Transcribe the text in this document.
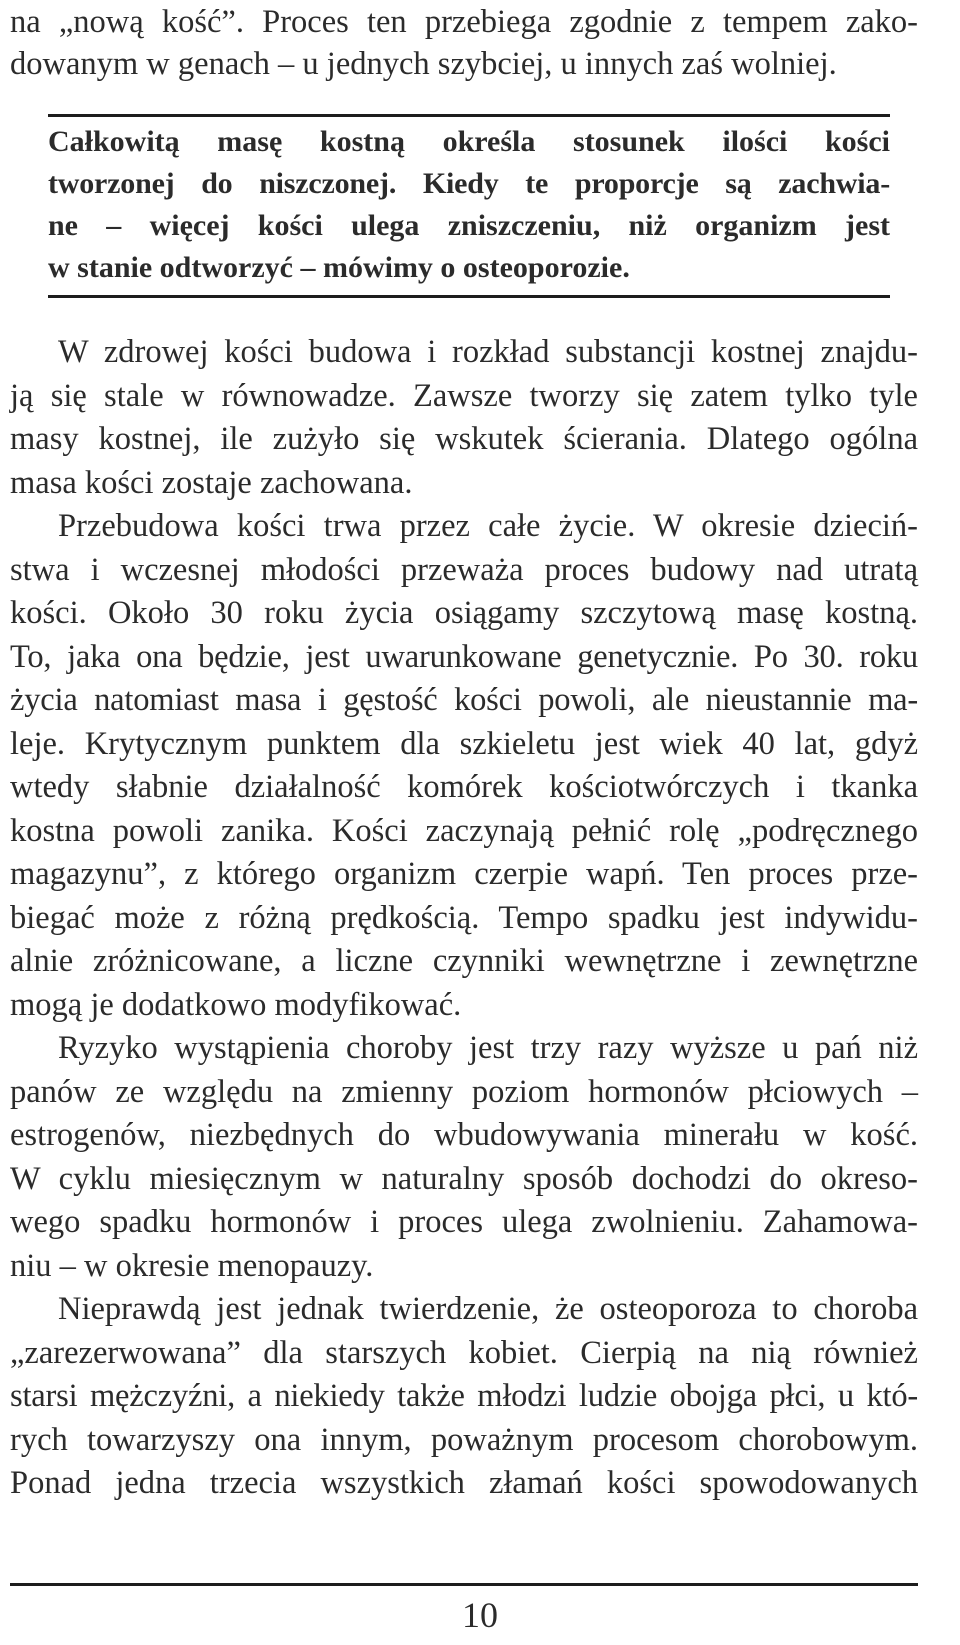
na „nową kość”. Proces ten przebiega zgodnie z tempem zako-
dowanym w genach – u jednych szybciej, u innych zaś wolniej.
Całkowitą masę kostną określa stosunek ilości kości
tworzonej do niszczonej. Kiedy te proporcje są zachwia-
ne – więcej kości ulega zniszczeniu, niż organizm jest
w stanie odtworzyć – mówimy o osteoporozie.
W zdrowej kości budowa i rozkład substancji kostnej znajdu-
ją się stale w równowadze. Zawsze tworzy się zatem tylko tyle
masy kostnej, ile zużyło się wskutek ścierania. Dlatego ogólna
masa kości zostaje zachowana.
Przebudowa kości trwa przez całe życie. W okresie dzieciń-
stwa i wczesnej młodości przeważa proces budowy nad utratą
kości. Około 30 roku życia osiągamy szczytową masę kostną.
To, jaka ona będzie, jest uwarunkowane genetycznie. Po 30. roku
życia natomiast masa i gęstość kości powoli, ale nieustannie ma-
leje. Krytycznym punktem dla szkieletu jest wiek 40 lat, gdyż
wtedy słabnie działalność komórek kościotwórczych i tkanka
kostna powoli zanika. Kości zaczynają pełnić rolę „podręcznego
magazynu”, z którego organizm czerpie wapń. Ten proces prze-
biegać może z różną prędkością. Tempo spadku jest indywidu-
alnie zróżnicowane, a liczne czynniki wewnętrzne i zewnętrzne
mogą je dodatkowo modyfikować.
Ryzyko wystąpienia choroby jest trzy razy wyższe u pań niż
panów ze względu na zmienny poziom hormonów płciowych –
estrogenów, niezbędnych do wbudowywania minerału w kość.
W cyklu miesięcznym w naturalny sposób dochodzi do okreso-
wego spadku hormonów i proces ulega zwolnieniu. Zahamowa-
niu – w okresie menopauzy.
Nieprawdą jest jednak twierdzenie, że osteoporoza to choroba
„zarezerwowana” dla starszych kobiet. Cierpią na nią również
starsi mężczyźni, a niekiedy także młodzi ludzie obojga płci, u któ-
rych towarzyszy ona innym, poważnym procesom chorobowym.
Ponad jedna trzecia wszystkich złamań kości spowodowanych
10
